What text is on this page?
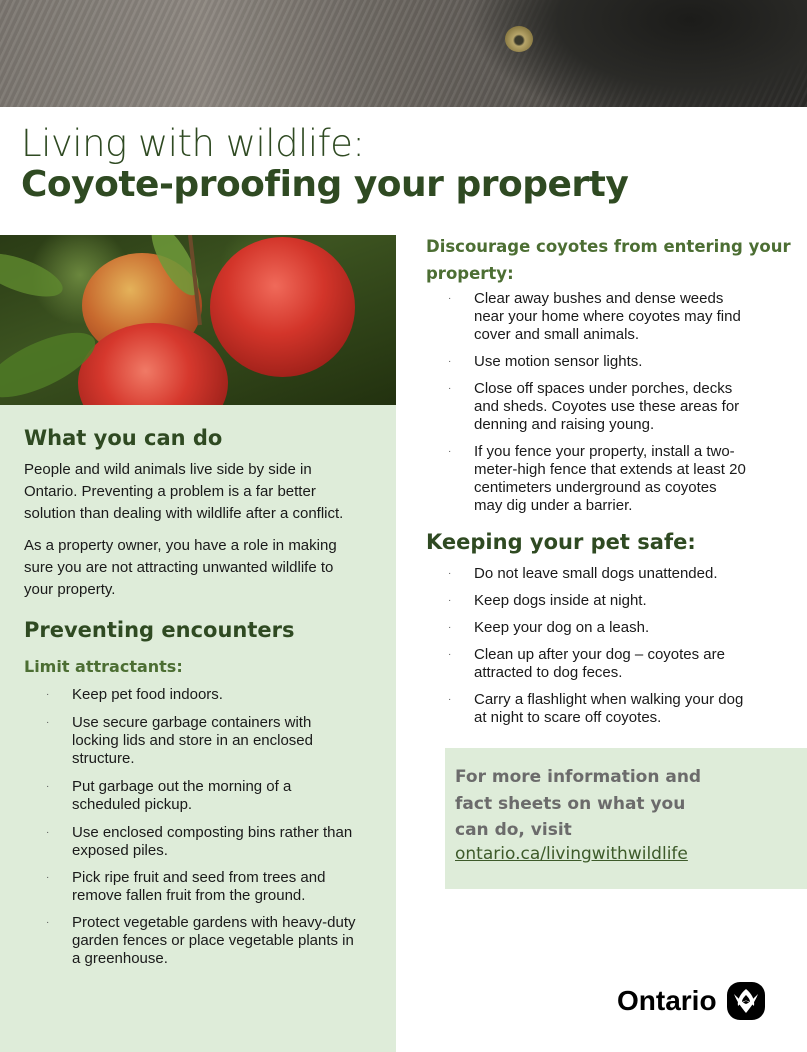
Living with wildlife:
Coyote-proofing your property
What you can do

People and wild animals live side by side in
Ontario. Preventing a problem is a far better
solution than dealing with wildlife after a conflict.

As a property owner, you have a role in making
sure you are not attracting unwanted wildlife to
your property.

Preventing encounters
Limit attractants:
· Keep pet food indoors.
· Use secure garbage containers with
locking lids and store in an enclosed
structure.
· Put garbage out the morning of a
scheduled pickup.
· Use enclosed composting bins rather than
exposed piles.
· Pick ripe fruit and seed from trees and
remove fallen fruit from the ground.
· Protect vegetable gardens with heavy-duty
garden fences or place vegetable plants in
a greenhouse.
Discourage coyotes from entering your
property:
· Clear away bushes and dense weeds
near your home where coyotes may find
cover and small animals.
· Use motion sensor lights.
· Close off spaces under porches, decks
and sheds. Coyotes use these areas for
denning and raising young.
· If you fence your property, install a two-
meter-high fence that extends at least 20
centimeters underground as coyotes
may dig under a barrier.
Keeping your pet safe:
· Do not leave small dogs unattended.
· Keep dogs inside at night.
· Keep your dog on a leash.
· Clean up after your dog – coyotes are
attracted to dog feces.
· Carry a flashlight when walking your dog
at night to scare off coyotes.

For more information and
fact sheets on what you
can do, visit

ontario.ca/livingwithwildlife

Ontario
